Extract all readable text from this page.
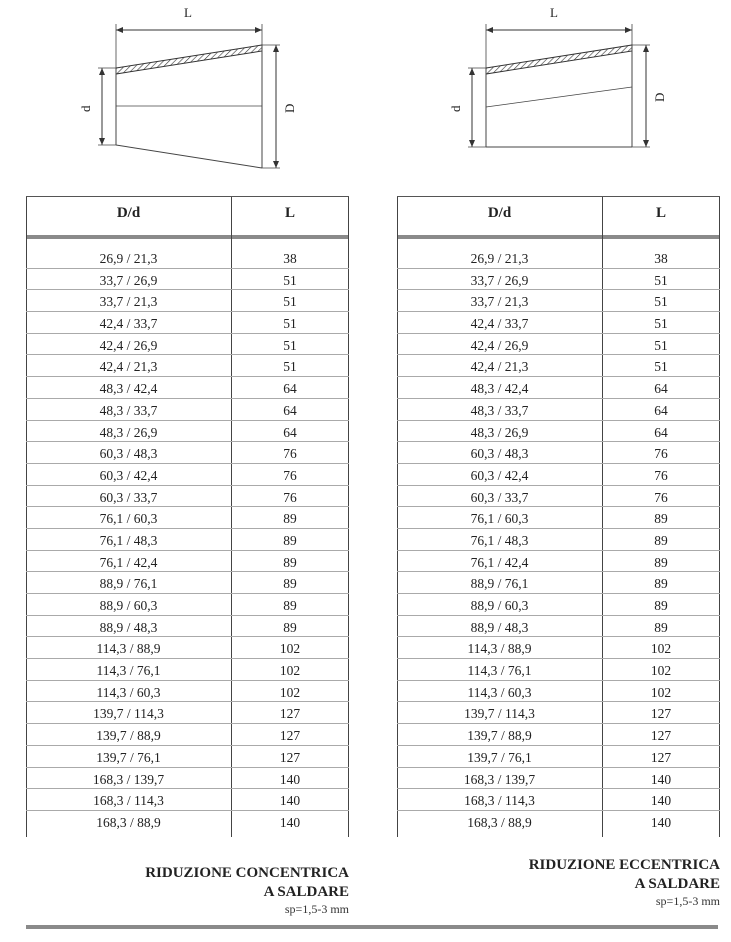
L
d	D
L
d
D
D/d	L
26,9 / 21,3	38
33,7 / 26,9	51
33,7 / 21,3	51
42,4 / 33,7	51
42,4 / 26,9	51
42,4 / 21,3	51
48,3 / 42,4	64
48,3 / 33,7	64
48,3 / 26,9	64
60,3 / 48,3	76
60,3 / 42,4	76
60,3 / 33,7	76
76,1 / 60,3	89
76,1 / 48,3	89
76,1 / 42,4	89
88,9 / 76,1	89
88,9 / 60,3	89
88,9 / 48,3	89
114,3 / 88,9	102
114,3 / 76,1	102
114,3 / 60,3	102
139,7 / 114,3	127
139,7 / 88,9	127
139,7 / 76,1	127
168,3 / 139,7	140
168,3 / 114,3	140
168,3 / 88,9	140
D/d	L
26,9 / 21,3	38
33,7 / 26,9	51
33,7 / 21,3	51
42,4 / 33,7	51
42,4 / 26,9	51
42,4 / 21,3	51
48,3 / 42,4	64
48,3 / 33,7	64
48,3 / 26,9	64
60,3 / 48,3	76
60,3 / 42,4	76
60,3 / 33,7	76
76,1 / 60,3	89
76,1 / 48,3	89
76,1 / 42,4	89
88,9 / 76,1	89
88,9 / 60,3	89
88,9 / 48,3	89
114,3 / 88,9	102
114,3 / 76,1	102
114,3 / 60,3	102
139,7 / 114,3	127
139,7 / 88,9	127
139,7 / 76,1	127
168,3 / 139,7	140
168,3 / 114,3	140
168,3 / 88,9	140
RIDUZIONE CONCENTRICA
A SALDARE
sp=1,5-3 mm
RIDUZIONE ECCENTRICA
A SALDARE
sp=1,5-3 mm
